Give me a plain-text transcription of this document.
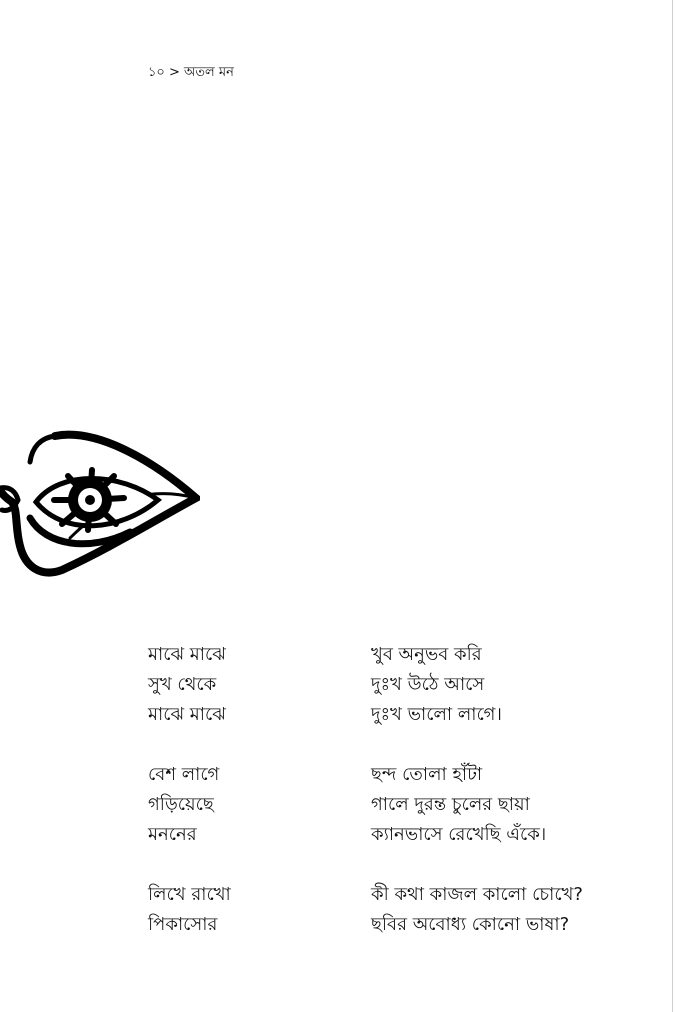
১০ > অতল মন
মাঝে মাঝে
সুখ থেকে
মাঝে মাঝে
বেশ লাগে
গড়িয়েছে
মননের
লিখে রাখো
পিকাসোর
খুব অনুভব করি
দুঃখ উঠে আসে
দুঃখ ভালো লাগে।
ছন্দ তোলা হাঁটা
গালে দুরন্ত চুলের ছায়া
ক্যানভাসে রেখেছি এঁকে।
কী কথা কাজল কালো চোখে?
ছবির অবোধ্য কোনো ভাষা?
